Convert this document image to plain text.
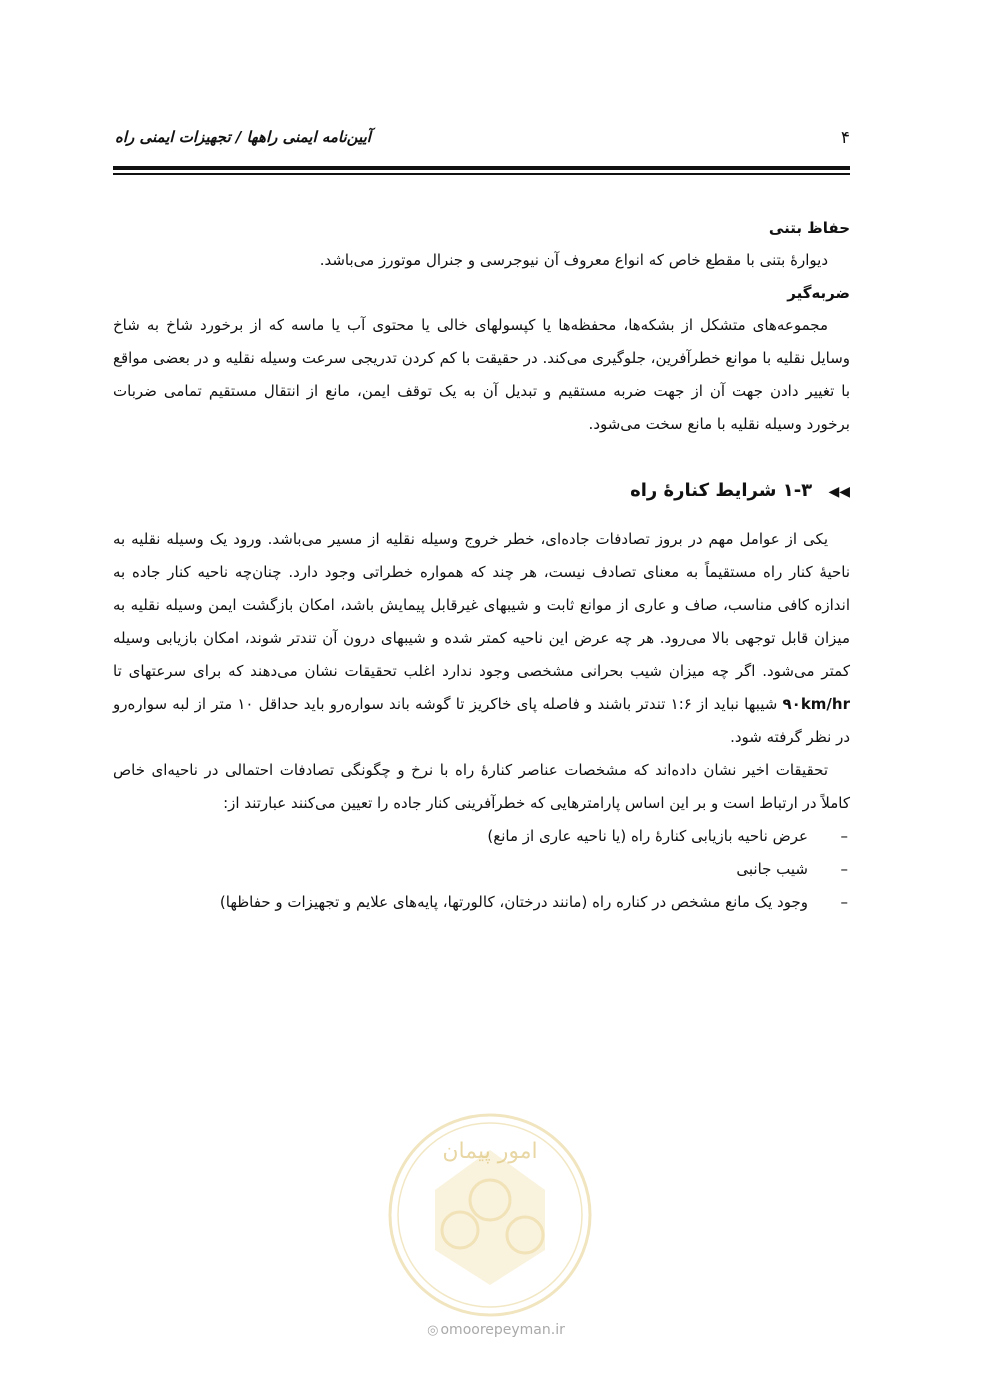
۴
آیین‌نامه ایمنی راهها / تجهیزات ایمنی راه

حفاظ بتنی

دیوارهٔ بتنی با مقطع خاص که انواع معروف آن نیوجرسی و جنرال موتورز می‌باشد.

ضربه‌گیر

مجموعه‌های متشکل از بشکه‌ها، محفظه‌ها یا کپسولهای خالی یا محتوی آب یا ماسه که از برخورد شاخ به شاخ وسایل نقلیه با موانع خطرآفرین، جلوگیری می‌کند. در حقیقت با کم کردن تدریجی سرعت وسیله نقلیه و در بعضی مواقع با تغییر دادن جهت آن از جهت ضربه مستقیم و تبدیل آن به یک توقف ایمن، مانع از انتقال مستقیم تمامی ضربات برخورد وسیله نقلیه با مانع سخت می‌شود.

◀◀ ۱-۳ شرایط کنارهٔ راه

یکی از عوامل مهم در بروز تصادفات جاده‌ای، خطر خروج وسیله نقلیه از مسیر می‌باشد. ورود یک وسیله نقلیه به ناحیهٔ کنار راه مستقیماً به معنای تصادف نیست، هر چند که همواره خطراتی وجود دارد. چنان‌چه ناحیه کنار جاده به اندازه کافی مناسب، صاف و عاری از موانع ثابت و شیبهای غیرقابل پیمایش باشد، امکان بازگشت ایمن وسیله نقلیه به میزان قابل توجهی بالا می‌رود. هر چه عرض این ناحیه کمتر شده و شیبهای درون آن تندتر شوند، امکان بازیابی وسیله کمتر می‌شود. اگر چه میزان شیب بحرانی مشخصی وجود ندارد اغلب تحقیقات نشان می‌دهند که برای سرعتهای تا ۹۰km/hr شیبها نباید از ۱:۶ تندتر باشند و فاصله پای خاکریز تا گوشه باند سواره‌رو باید حداقل ۱۰ متر از لبه سواره‌رو در نظر گرفته شود.

تحقیقات اخیر نشان داده‌اند که مشخصات عناصر کنارهٔ راه با نرخ و چگونگی تصادفات احتمالی در ناحیه‌ای خاص کاملاً در ارتباط است و بر این اساس پارامترهایی که خطرآفرینی کنار جاده را تعیین می‌کنند عبارتند از:

–
عرض ناحیه بازیابی کنارهٔ راه (یا ناحیه عاری از مانع)
–
شیب جانبی
–
وجود یک مانع مشخص در کناره راه (مانند درختان، کالورتها، پایه‌های علایم و تجهیزات و حفاظها)
امور پیمان
◎ omoorepeyman.ir
